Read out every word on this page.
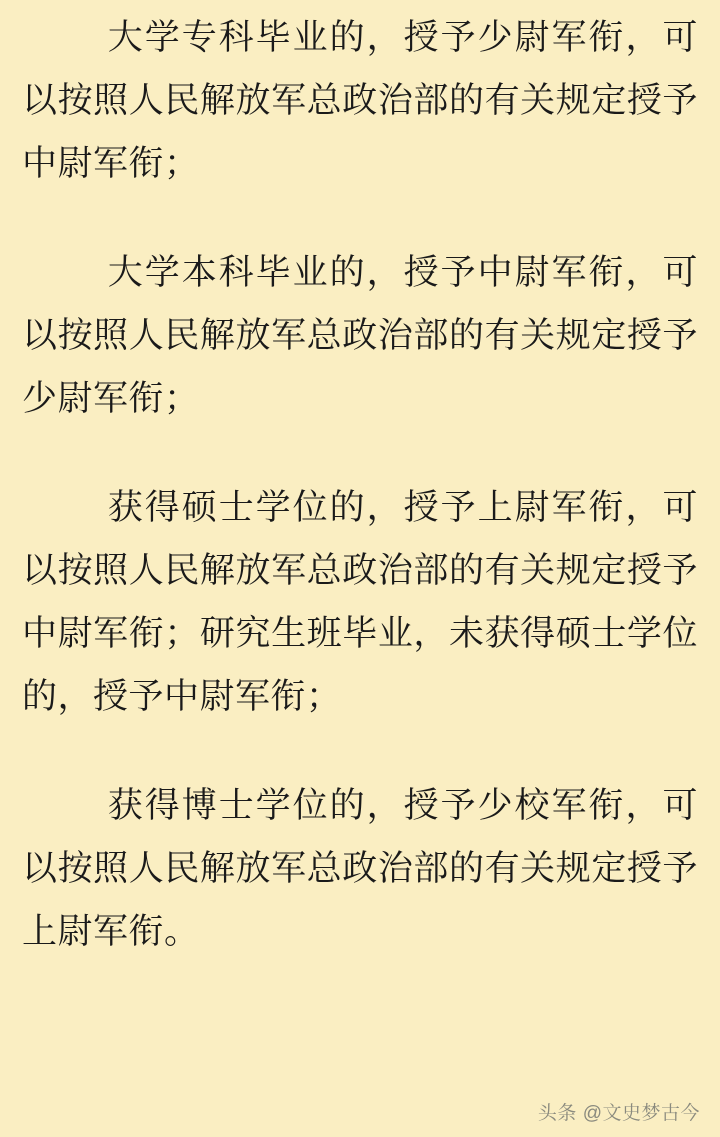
大学专科毕业的，授予少尉军衔，可以按照人民解放军总政治部的有关规定授予中尉军衔；

大学本科毕业的，授予中尉军衔，可以按照人民解放军总政治部的有关规定授予少尉军衔；

获得硕士学位的，授予上尉军衔，可以按照人民解放军总政治部的有关规定授予中尉军衔；研究生班毕业，未获得硕士学位的，授予中尉军衔；

获得博士学位的，授予少校军衔，可以按照人民解放军总政治部的有关规定授予上尉军衔。

头条 @文史梦古今
